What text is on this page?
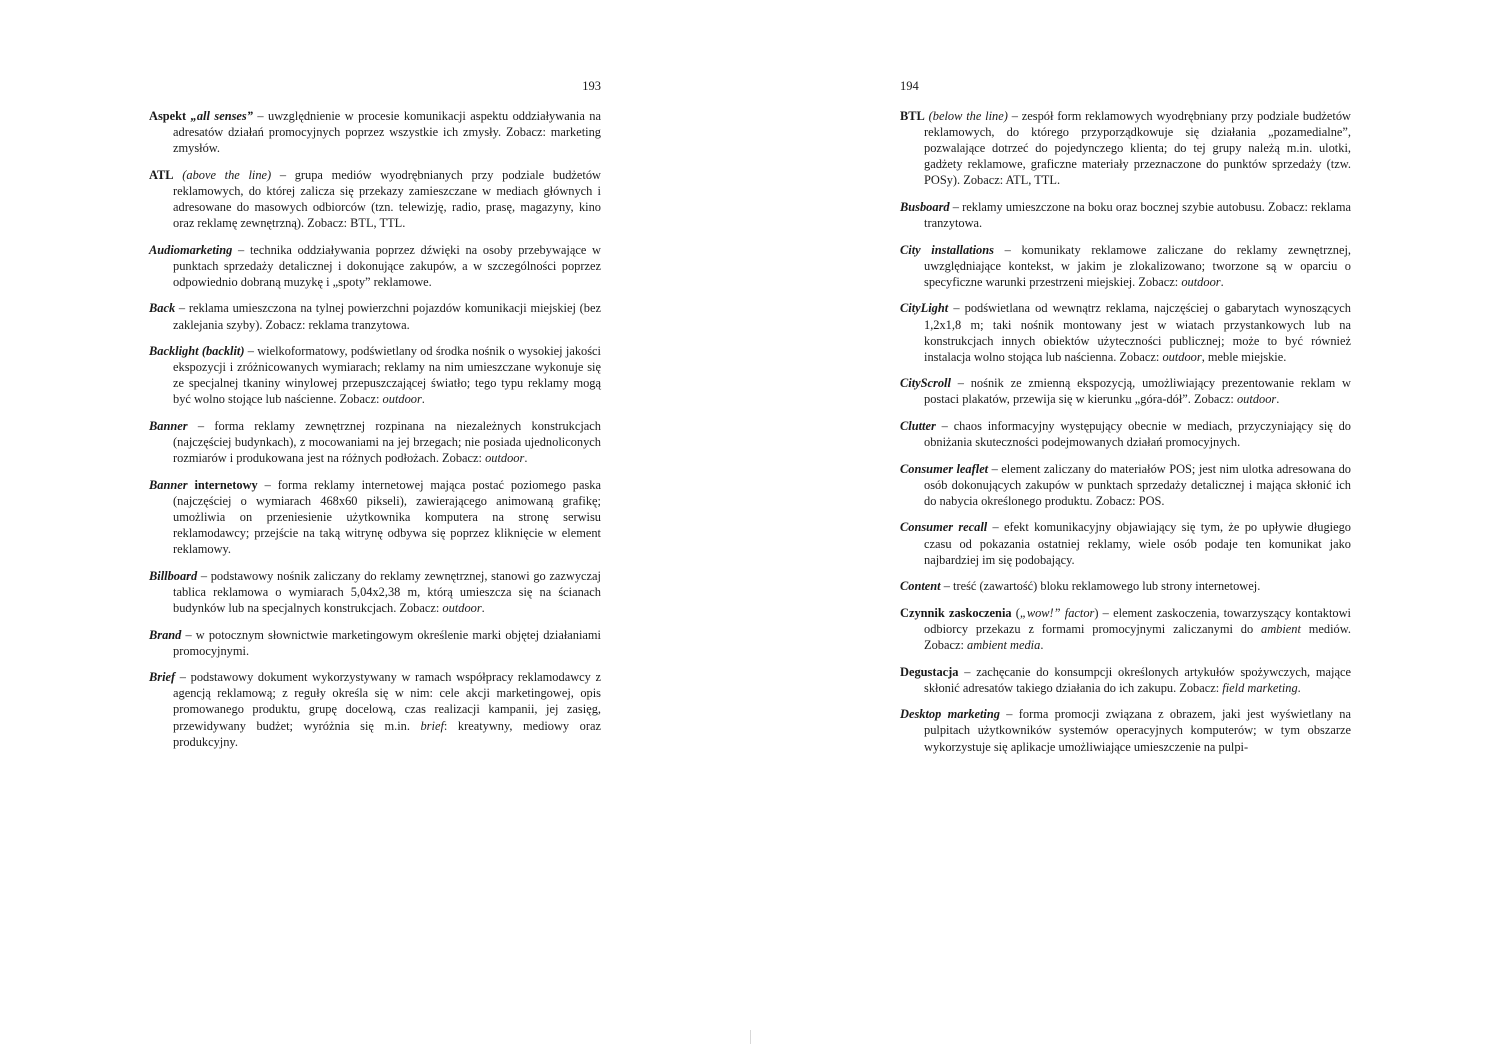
193

Aspekt „all senses” – uwzględnienie w procesie komunikacji aspektu oddziaływania na adresatów działań promocyjnych poprzez wszystkie ich zmysły. Zobacz: marketing zmysłów.

ATL (above the line) – grupa mediów wyodrębnianych przy podziale budżetów reklamowych, do której zalicza się przekazy zamieszczane w mediach głównych i adresowane do masowych odbiorców (tzn. telewizję, radio, prasę, magazyny, kino oraz reklamę zewnętrzną). Zobacz: BTL, TTL.

Audiomarketing – technika oddziaływania poprzez dźwięki na osoby przebywające w punktach sprzedaży detalicznej i dokonujące zakupów, a w szczególności poprzez odpowiednio dobraną muzykę i „spoty” reklamowe.

Back – reklama umieszczona na tylnej powierzchni pojazdów komunikacji miejskiej (bez zaklejania szyby). Zobacz: reklama tranzytowa.

Backlight (backlit) – wielkoformatowy, podświetlany od środka nośnik o wysokiej jakości ekspozycji i zróżnicowanych wymiarach; reklamy na nim umieszczane wykonuje się ze specjalnej tkaniny winylowej przepuszczającej światło; tego typu reklamy mogą być wolno stojące lub naścienne. Zobacz: outdoor.

Banner – forma reklamy zewnętrznej rozpinana na niezależnych konstrukcjach (najczęściej budynkach), z mocowaniami na jej brzegach; nie posiada ujednoliconych rozmiarów i produkowana jest na różnych podłożach. Zobacz: outdoor.

Banner internetowy – forma reklamy internetowej mająca postać poziomego paska (najczęściej o wymiarach 468x60 pikseli), zawierającego animowaną grafikę; umożliwia on przeniesienie użytkownika komputera na stronę serwisu reklamodawcy; przejście na taką witrynę odbywa się poprzez kliknięcie w element reklamowy.

Billboard – podstawowy nośnik zaliczany do reklamy zewnętrznej, stanowi go zazwyczaj tablica reklamowa o wymiarach 5,04x2,38 m, którą umieszcza się na ścianach budynków lub na specjalnych konstrukcjach. Zobacz: outdoor.

Brand – w potocznym słownictwie marketingowym określenie marki objętej działaniami promocyjnymi.

Brief – podstawowy dokument wykorzystywany w ramach współpracy reklamodawcy z agencją reklamową; z reguły określa się w nim: cele akcji marketingowej, opis promowanego produktu, grupę docelową, czas realizacji kampanii, jej zasięg, przewidywany budżet; wyróżnia się m.in. brief: kreatywny, mediowy oraz produkcyjny.

194

BTL (below the line) – zespół form reklamowych wyodrębniany przy podziale budżetów reklamowych, do którego przyporządkowuje się działania „pozamedialne”, pozwalające dotrzeć do pojedynczego klienta; do tej grupy należą m.in. ulotki, gadżety reklamowe, graficzne materiały przeznaczone do punktów sprzedaży (tzw. POSy). Zobacz: ATL, TTL.

Busboard – reklamy umieszczone na boku oraz bocznej szybie autobusu. Zobacz: reklama tranzytowa.

City installations – komunikaty reklamowe zaliczane do reklamy zewnętrznej, uwzględniające kontekst, w jakim je zlokalizowano; tworzone są w oparciu o specyficzne warunki przestrzeni miejskiej. Zobacz: outdoor.

CityLight – podświetlana od wewnątrz reklama, najczęściej o gabarytach wynoszących 1,2x1,8 m; taki nośnik montowany jest w wiatach przystankowych lub na konstrukcjach innych obiektów użyteczności publicznej; może to być również instalacja wolno stojąca lub naścienna. Zobacz: outdoor, meble miejskie.

CityScroll – nośnik ze zmienną ekspozycją, umożliwiający prezentowanie reklam w postaci plakatów, przewija się w kierunku „góra-dół”. Zobacz: outdoor.

Clutter – chaos informacyjny występujący obecnie w mediach, przyczyniający się do obniżania skuteczności podejmowanych działań promocyjnych.

Consumer leaflet – element zaliczany do materiałów POS; jest nim ulotka adresowana do osób dokonujących zakupów w punktach sprzedaży detalicznej i mająca skłonić ich do nabycia określonego produktu. Zobacz: POS.

Consumer recall – efekt komunikacyjny objawiający się tym, że po upływie długiego czasu od pokazania ostatniej reklamy, wiele osób podaje ten komunikat jako najbardziej im się podobający.

Content – treść (zawartość) bloku reklamowego lub strony internetowej.

Czynnik zaskoczenia („wow!” factor) – element zaskoczenia, towarzyszący kontaktowi odbiorcy przekazu z formami promocyjnymi zaliczanymi do ambient mediów. Zobacz: ambient media.

Degustacja – zachęcanie do konsumpcji określonych artykułów spożywczych, mające skłonić adresatów takiego działania do ich zakupu. Zobacz: field marketing.

Desktop marketing – forma promocji związana z obrazem, jaki jest wyświetlany na pulpitach użytkowników systemów operacyjnych komputerów; w tym obszarze wykorzystuje się aplikacje umożliwiające umieszczenie na pulpi-
